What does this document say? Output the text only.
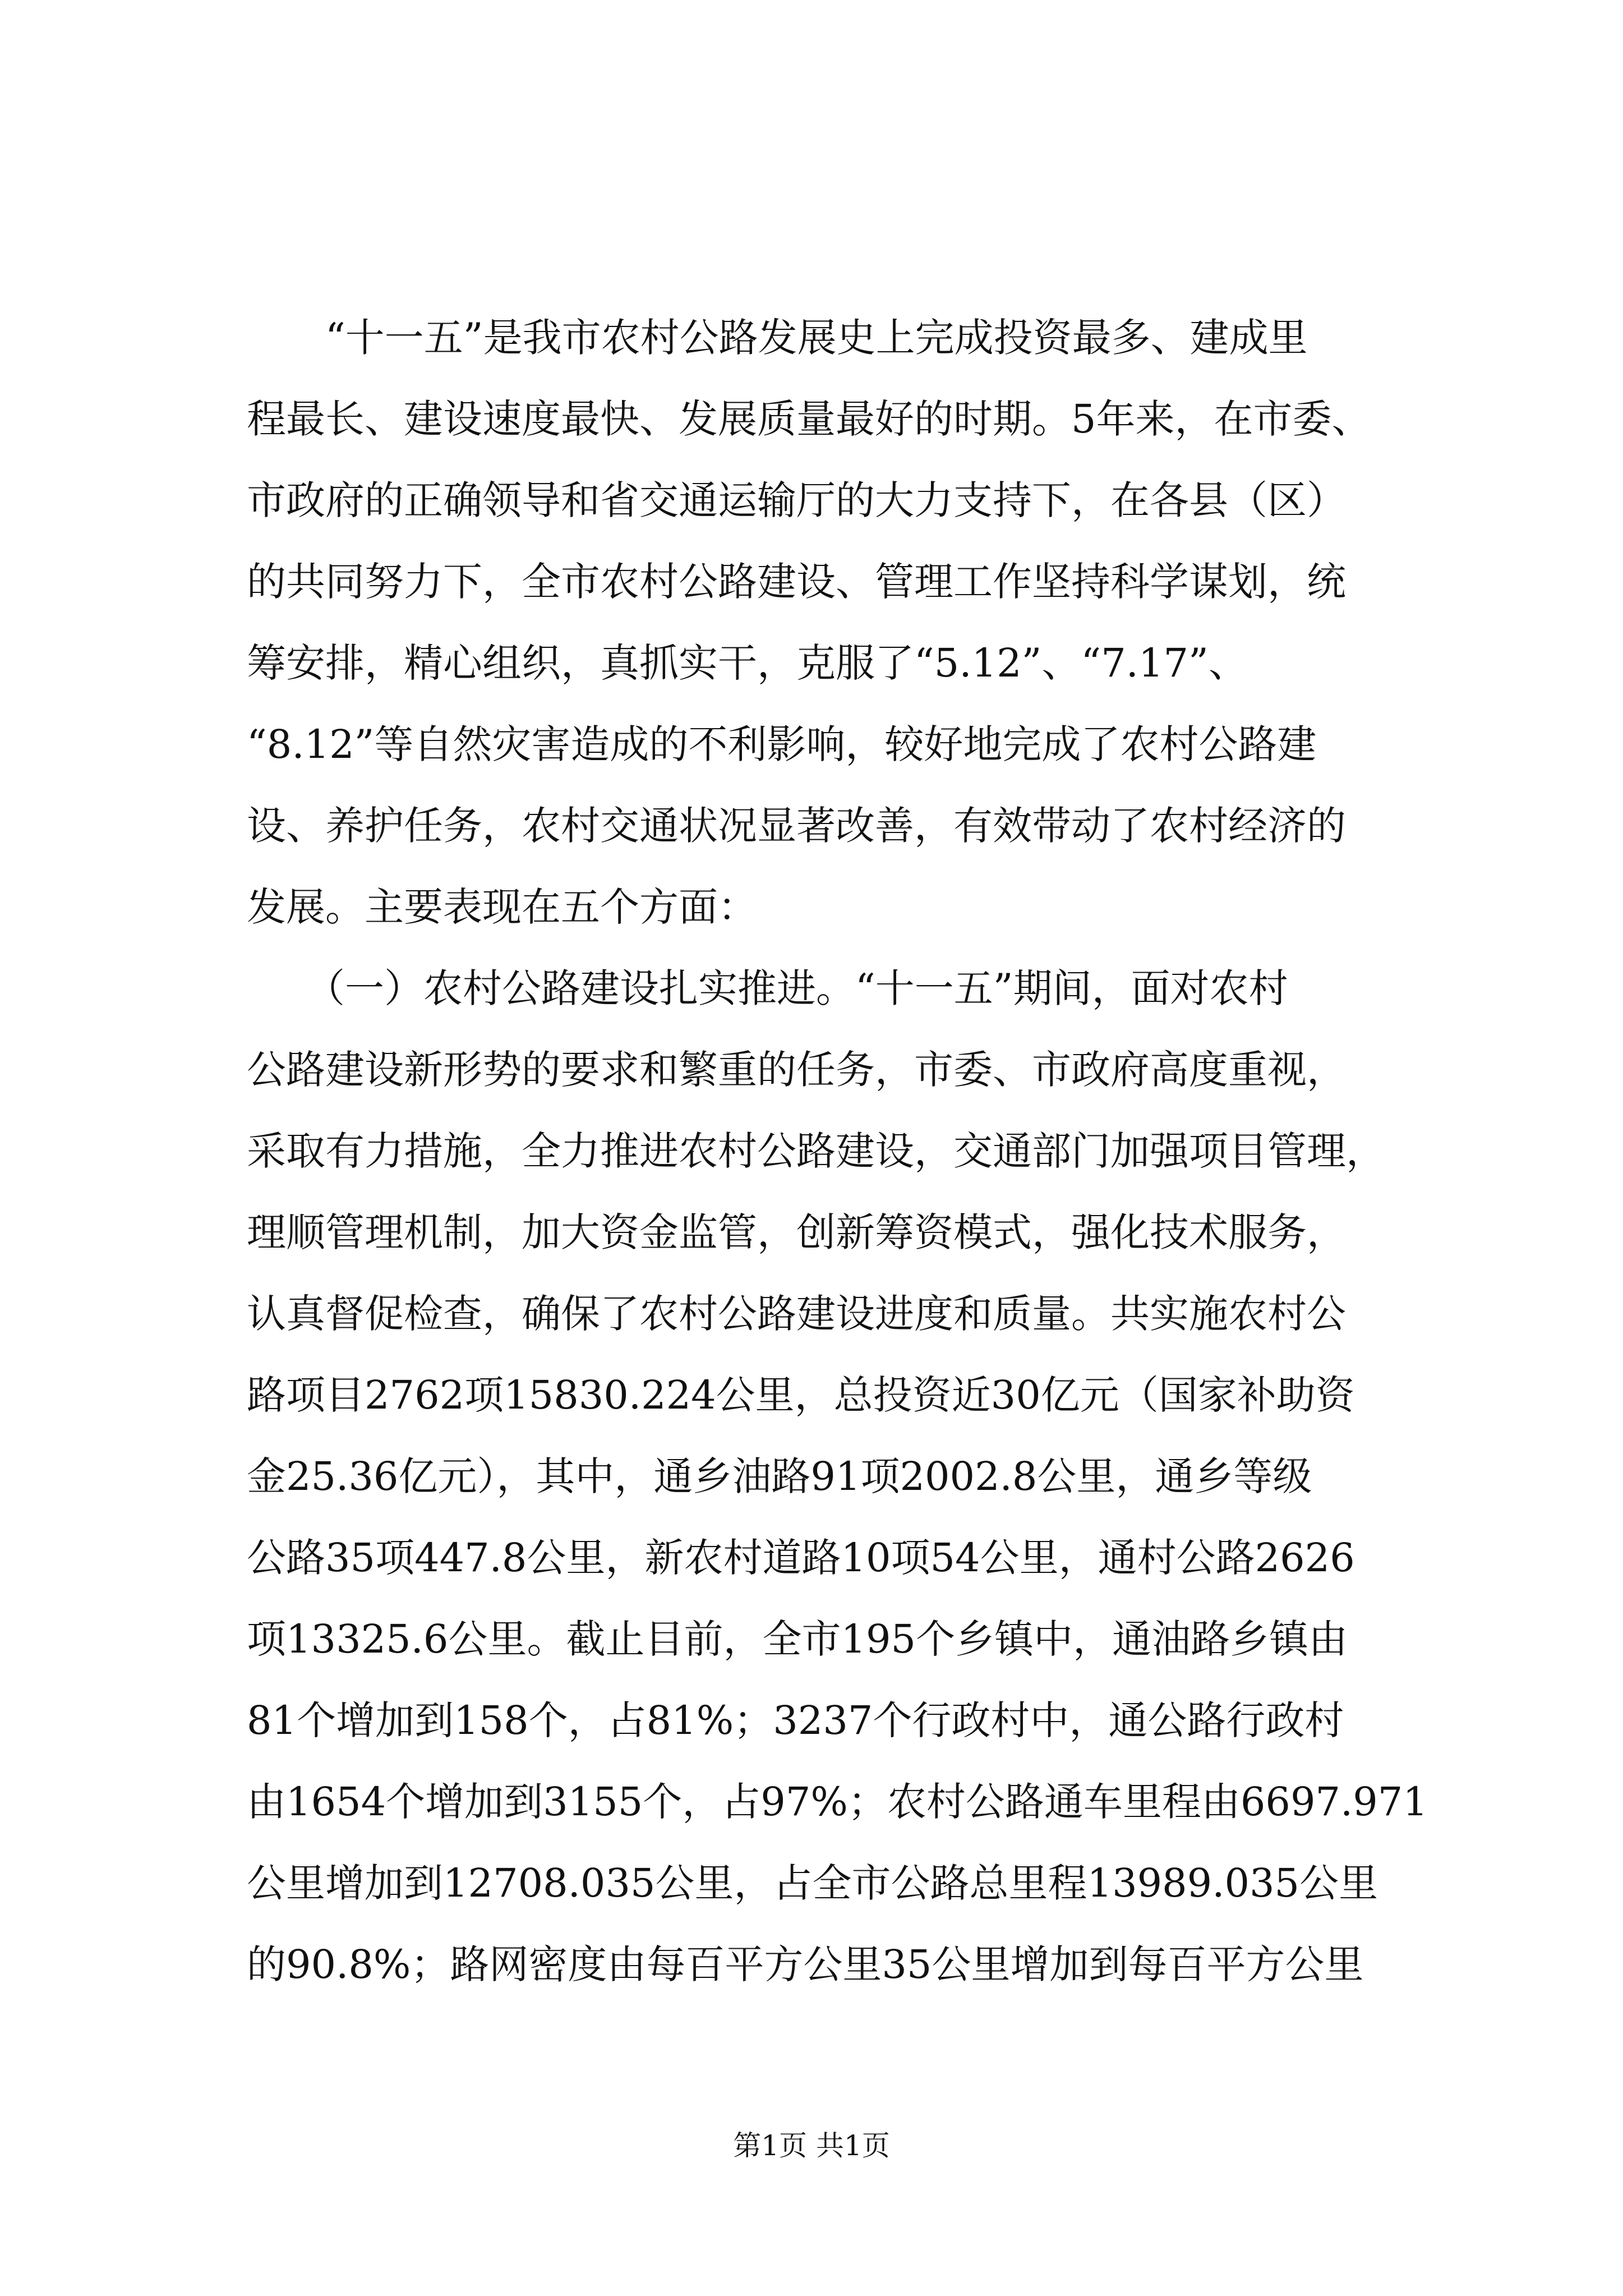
　　“十一五”是我市农村公路发展史上完成投资最多、建成里
程最长、建设速度最快、发展质量最好的时期。5年来，在市委、
市政府的正确领导和省交通运输厅的大力支持下，在各县（区）
的共同努力下，全市农村公路建设、管理工作坚持科学谋划，统
筹安排，精心组织，真抓实干，克服了“5.12”、“7.17”、
“8.12”等自然灾害造成的不利影响，较好地完成了农村公路建
设、养护任务，农村交通状况显著改善，有效带动了农村经济的
发展。主要表现在五个方面：
　　（一）农村公路建设扎实推进。“十一五”期间，面对农村
公路建设新形势的要求和繁重的任务，市委、市政府高度重视，
采取有力措施，全力推进农村公路建设，交通部门加强项目管理，
理顺管理机制，加大资金监管，创新筹资模式，强化技术服务，
认真督促检查，确保了农村公路建设进度和质量。共实施农村公
路项目2762项15830.224公里，总投资近30亿元（国家补助资
金25.36亿元），其中，通乡油路91项2002.8公里，通乡等级
公路35项447.8公里，新农村道路10项54公里，通村公路2626
项13325.6公里。截止目前，全市195个乡镇中，通油路乡镇由
81个增加到158个，占81%；3237个行政村中，通公路行政村
由1654个增加到3155个，占97%；农村公路通车里程由6697.971
公里增加到12708.035公里，占全市公路总里程13989.035公里
的90.8%；路网密度由每百平方公里35公里增加到每百平方公里
第1页 共1页
